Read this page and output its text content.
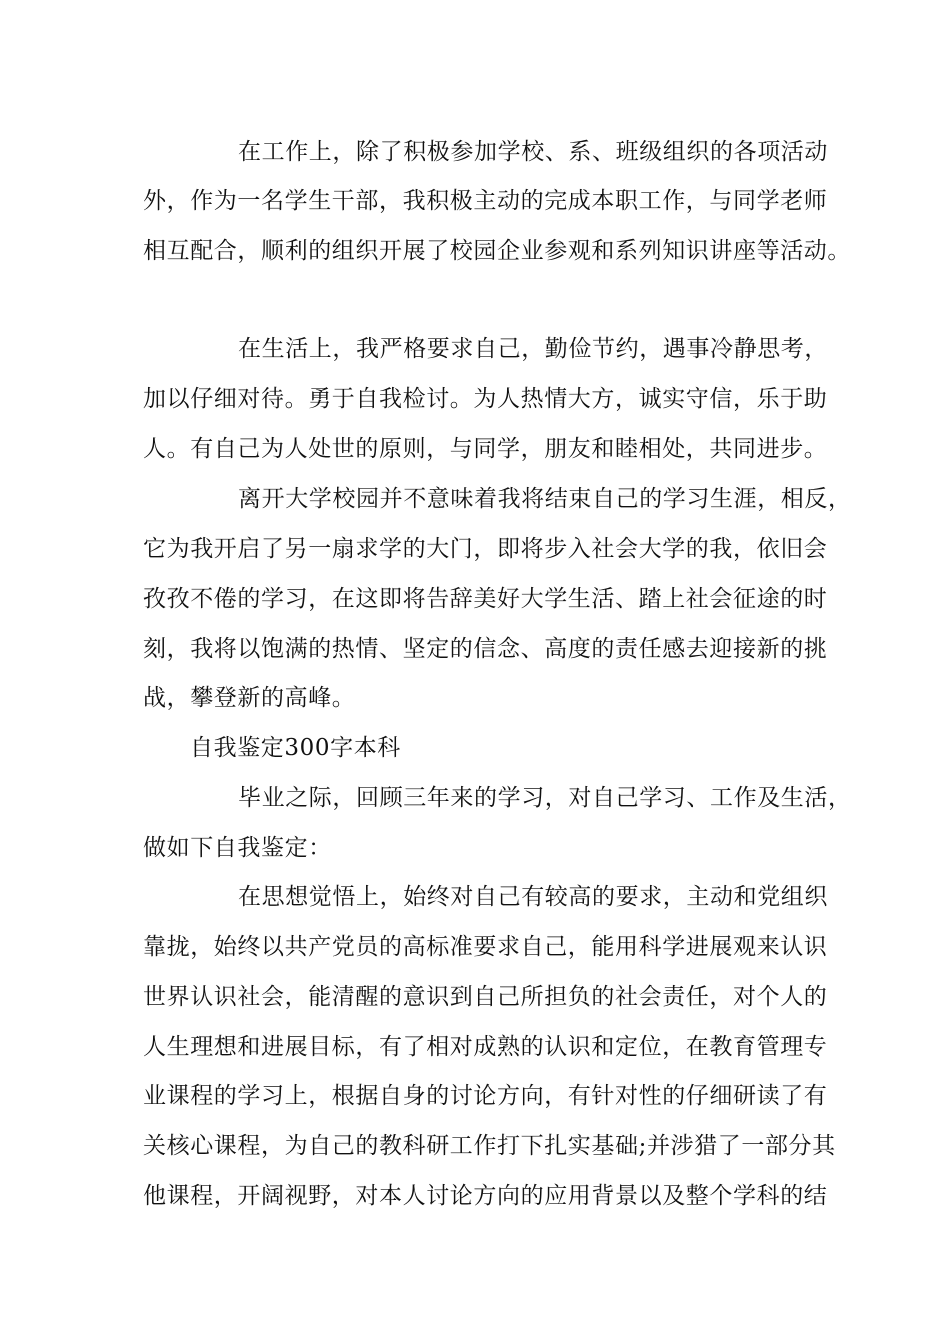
在工作上，除了积极参加学校、系、班级组织的各项活动
外，作为一名学生干部，我积极主动的完成本职工作，与同学老师
相互配合，顺利的组织开展了校园企业参观和系列知识讲座等活动。
在生活上，我严格要求自己，勤俭节约，遇事冷静思考，
加以仔细对待。勇于自我检讨。为人热情大方，诚实守信，乐于助
人。有自己为人处世的原则，与同学，朋友和睦相处，共同进步。
离开大学校园并不意味着我将结束自己的学习生涯，相反，
它为我开启了另一扇求学的大门，即将步入社会大学的我，依旧会
孜孜不倦的学习，在这即将告辞美好大学生活、踏上社会征途的时
刻，我将以饱满的热情、坚定的信念、高度的责任感去迎接新的挑
战，攀登新的高峰。
自我鉴定300字本科
毕业之际，回顾三年来的学习，对自己学习、工作及生活，
做如下自我鉴定：
在思想觉悟上，始终对自己有较高的要求，主动和党组织
靠拢，始终以共产党员的高标准要求自己，能用科学进展观来认识
世界认识社会，能清醒的意识到自己所担负的社会责任，对个人的
人生理想和进展目标，有了相对成熟的认识和定位，在教育管理专
业课程的学习上，根据自身的讨论方向，有针对性的仔细研读了有
关核心课程，为自己的教科研工作打下扎实基础;并涉猎了一部分其
他课程，开阔视野，对本人讨论方向的应用背景以及整个学科的结
